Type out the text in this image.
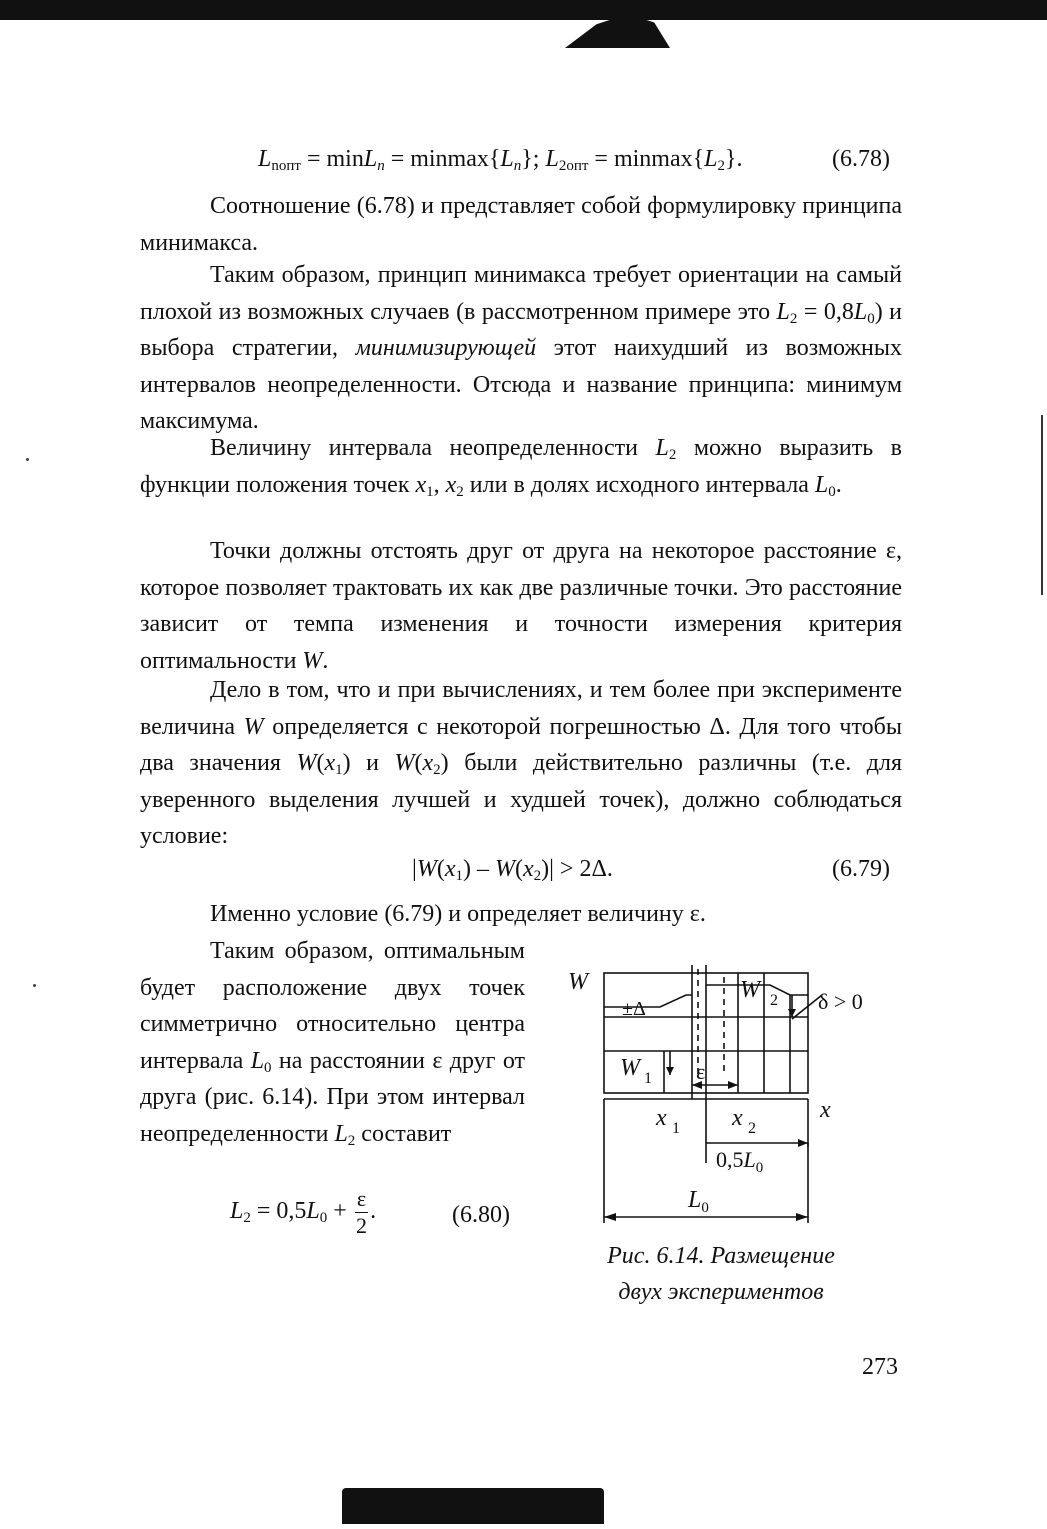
$L_{nопт} = \min L_n = minmax\{L_n\}$; $L_{2опт} = minmax\{L_2\}$.	(6.78)
Соотношение (6.78) и представляет собой формулировку принципа минимакса.
Таким образом, принцип минимакса требует ориентации на самый плохой из возможных случаев (в рассмотренном примере это $L_2 = 0,8L_0$) и выбора стратегии, минимизирующей этот наихудший из возможных интервалов неопределенности. Отсюда и название принципа: минимум максимума.
Величину интервала неопределенности $L_2$ можно выразить в функции положения точек $x_1$, $x_2$ или в долях исходного интервала $L_0$.
Точки должны отстоять друг от друга на некоторое расстояние ε, которое позволяет трактовать их как две различные точки. Это расстояние зависит от темпа изменения и точности измерения критерия оптимальности W.
Дело в том, что и при вычислениях, и тем более при эксперименте величина W определяется с некоторой погрешностью Δ. Для того чтобы два значения $W(x_1)$ и $W(x_2)$ были действительно различны (т.е. для уверенного выделения лучшей и худшей точек), должно соблюдаться условие:
$|W(x_1) - W(x_2)| > 2\Delta$.	(6.79)
Именно условие (6.79) и определяет величину ε.
Таким образом, оптимальным будет расположение двух точек симметрично относительно центра интервала $L_0$ на расстоянии ε друг от друга (рис. 6.14). При этом интервал неопределенности $L_2$ составит
$L_2 = 0,5L_0 + \frac{\varepsilon}{2}$ .	(6.80)
W
δ > 0
±Δ
W 1
W 2
ε
x
x 1 x 2
$0,5L_0$
$L_0$
Рис. 6.14. Размещение
двух экспериментов
273
